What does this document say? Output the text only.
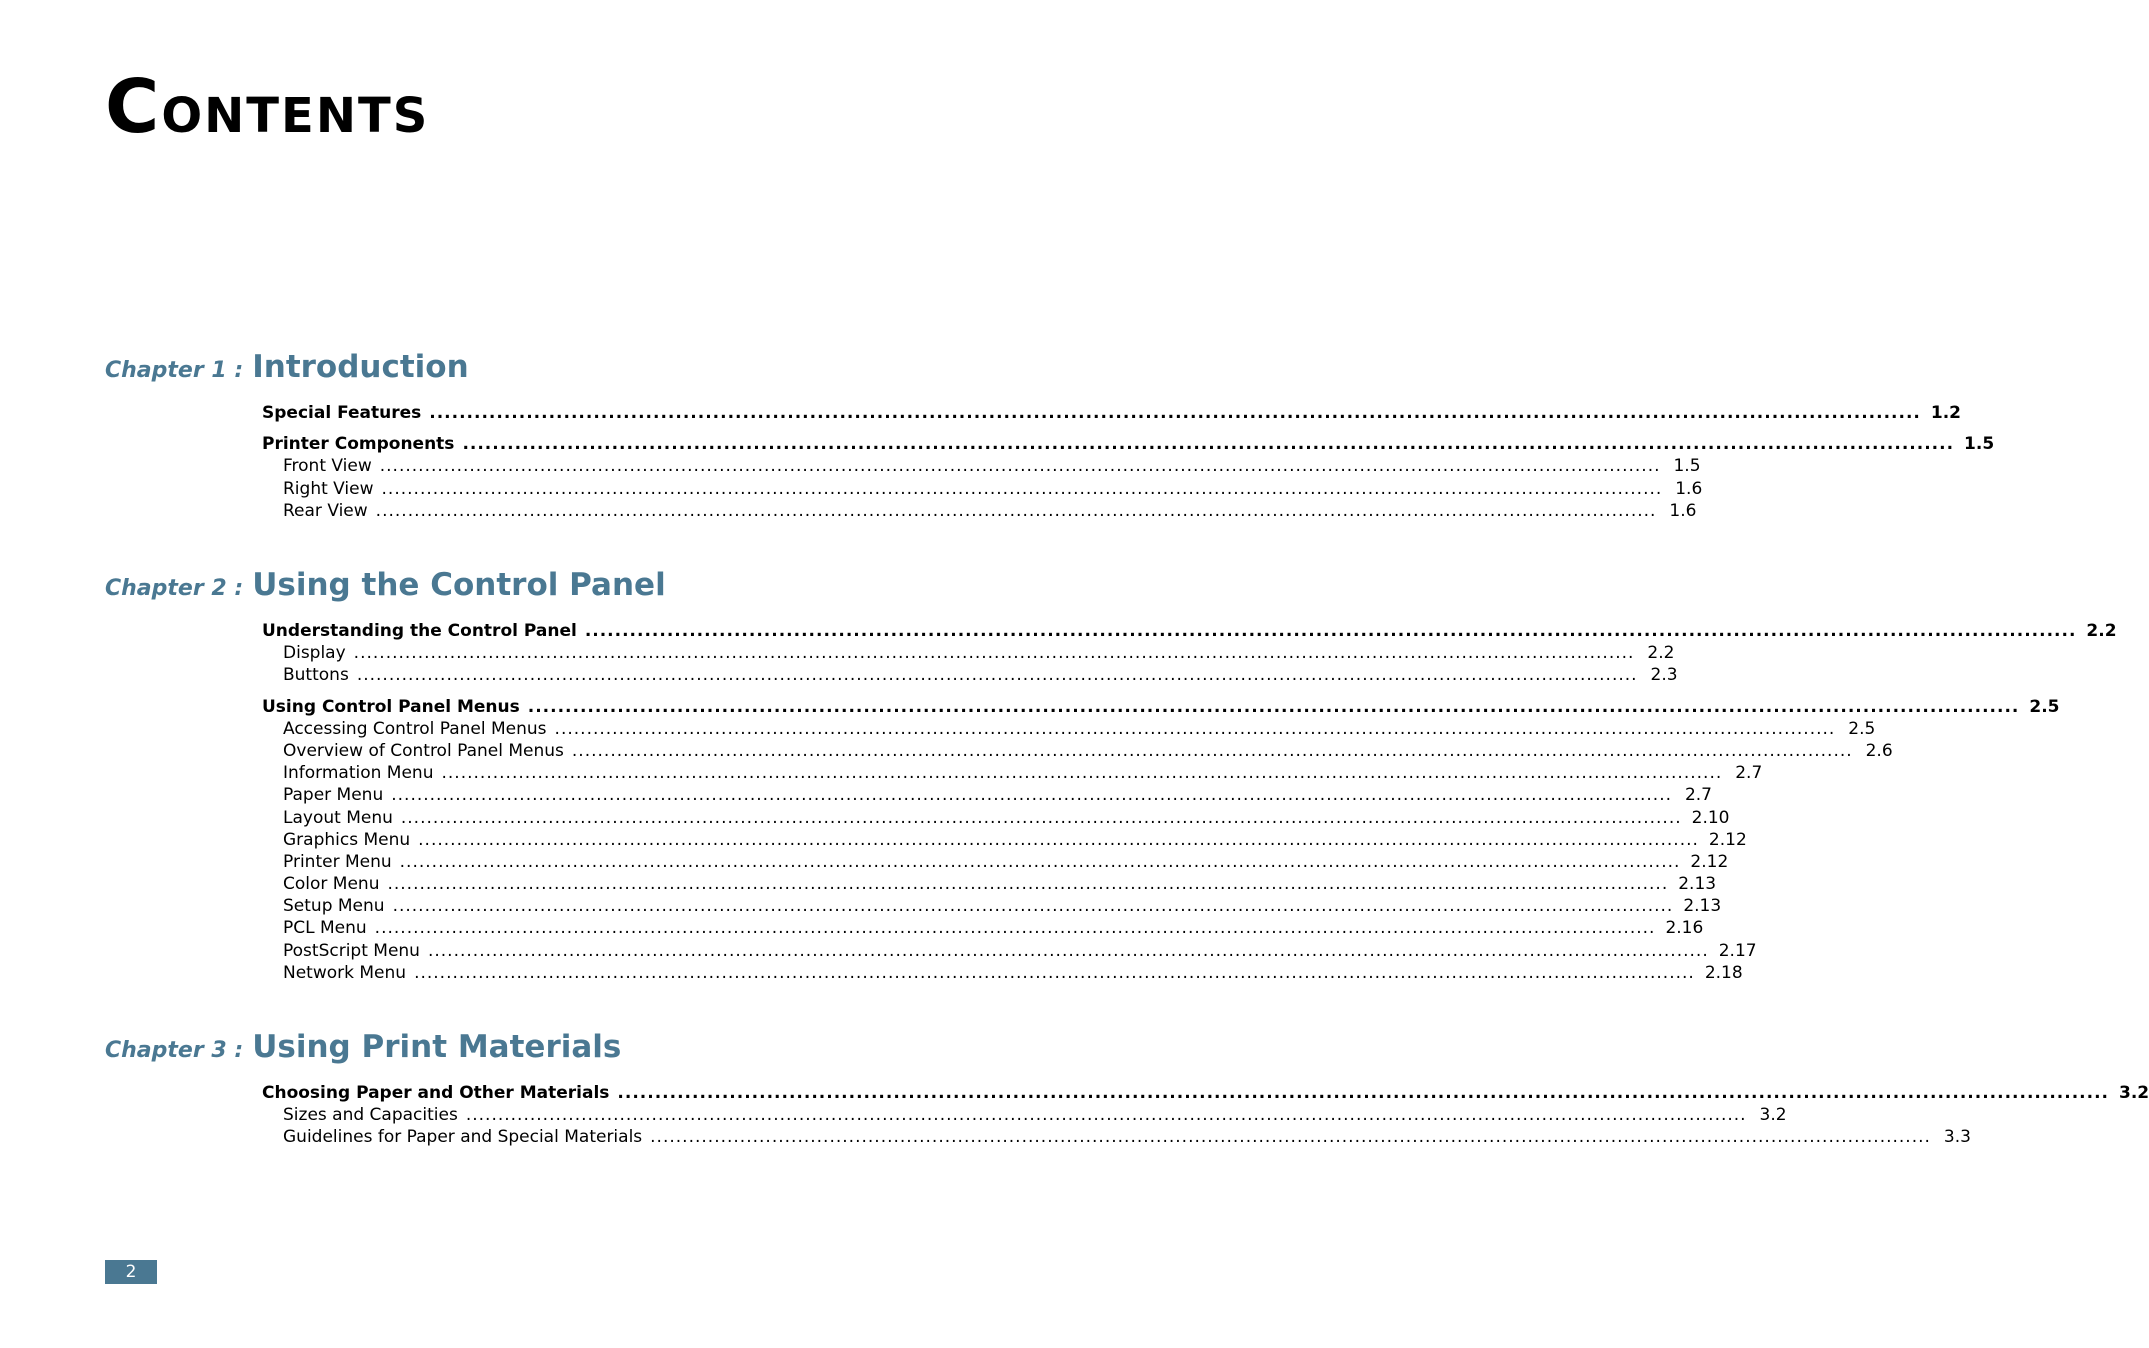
CONTENTS
Chapter 1 : Introduction
Special Features ........................................................................................................................................................................................................ 1.2
Printer Components ........................................................................................................................................................................................................ 1.5
Front View ........................................................................................................................................................................................................ 1.5
Right View ........................................................................................................................................................................................................ 1.6
Rear View ........................................................................................................................................................................................................ 1.6
Chapter 2 : Using the Control Panel
Understanding the Control Panel ........................................................................................................................................................................................................ 2.2
Display ........................................................................................................................................................................................................ 2.2
Buttons ........................................................................................................................................................................................................ 2.3
Using Control Panel Menus ........................................................................................................................................................................................................ 2.5
Accessing Control Panel Menus ........................................................................................................................................................................................................ 2.5
Overview of Control Panel Menus ........................................................................................................................................................................................................ 2.6
Information Menu ........................................................................................................................................................................................................ 2.7
Paper Menu ........................................................................................................................................................................................................ 2.7
Layout Menu ........................................................................................................................................................................................................ 2.10
Graphics Menu ........................................................................................................................................................................................................ 2.12
Printer Menu ........................................................................................................................................................................................................ 2.12
Color Menu ........................................................................................................................................................................................................ 2.13
Setup Menu ........................................................................................................................................................................................................ 2.13
PCL Menu ........................................................................................................................................................................................................ 2.16
PostScript Menu ........................................................................................................................................................................................................ 2.17
Network Menu ........................................................................................................................................................................................................ 2.18
Chapter 3 : Using Print Materials
Choosing Paper and Other Materials ........................................................................................................................................................................................................ 3.2
Sizes and Capacities ........................................................................................................................................................................................................ 3.2
Guidelines for Paper and Special Materials ........................................................................................................................................................................................................ 3.3
2
